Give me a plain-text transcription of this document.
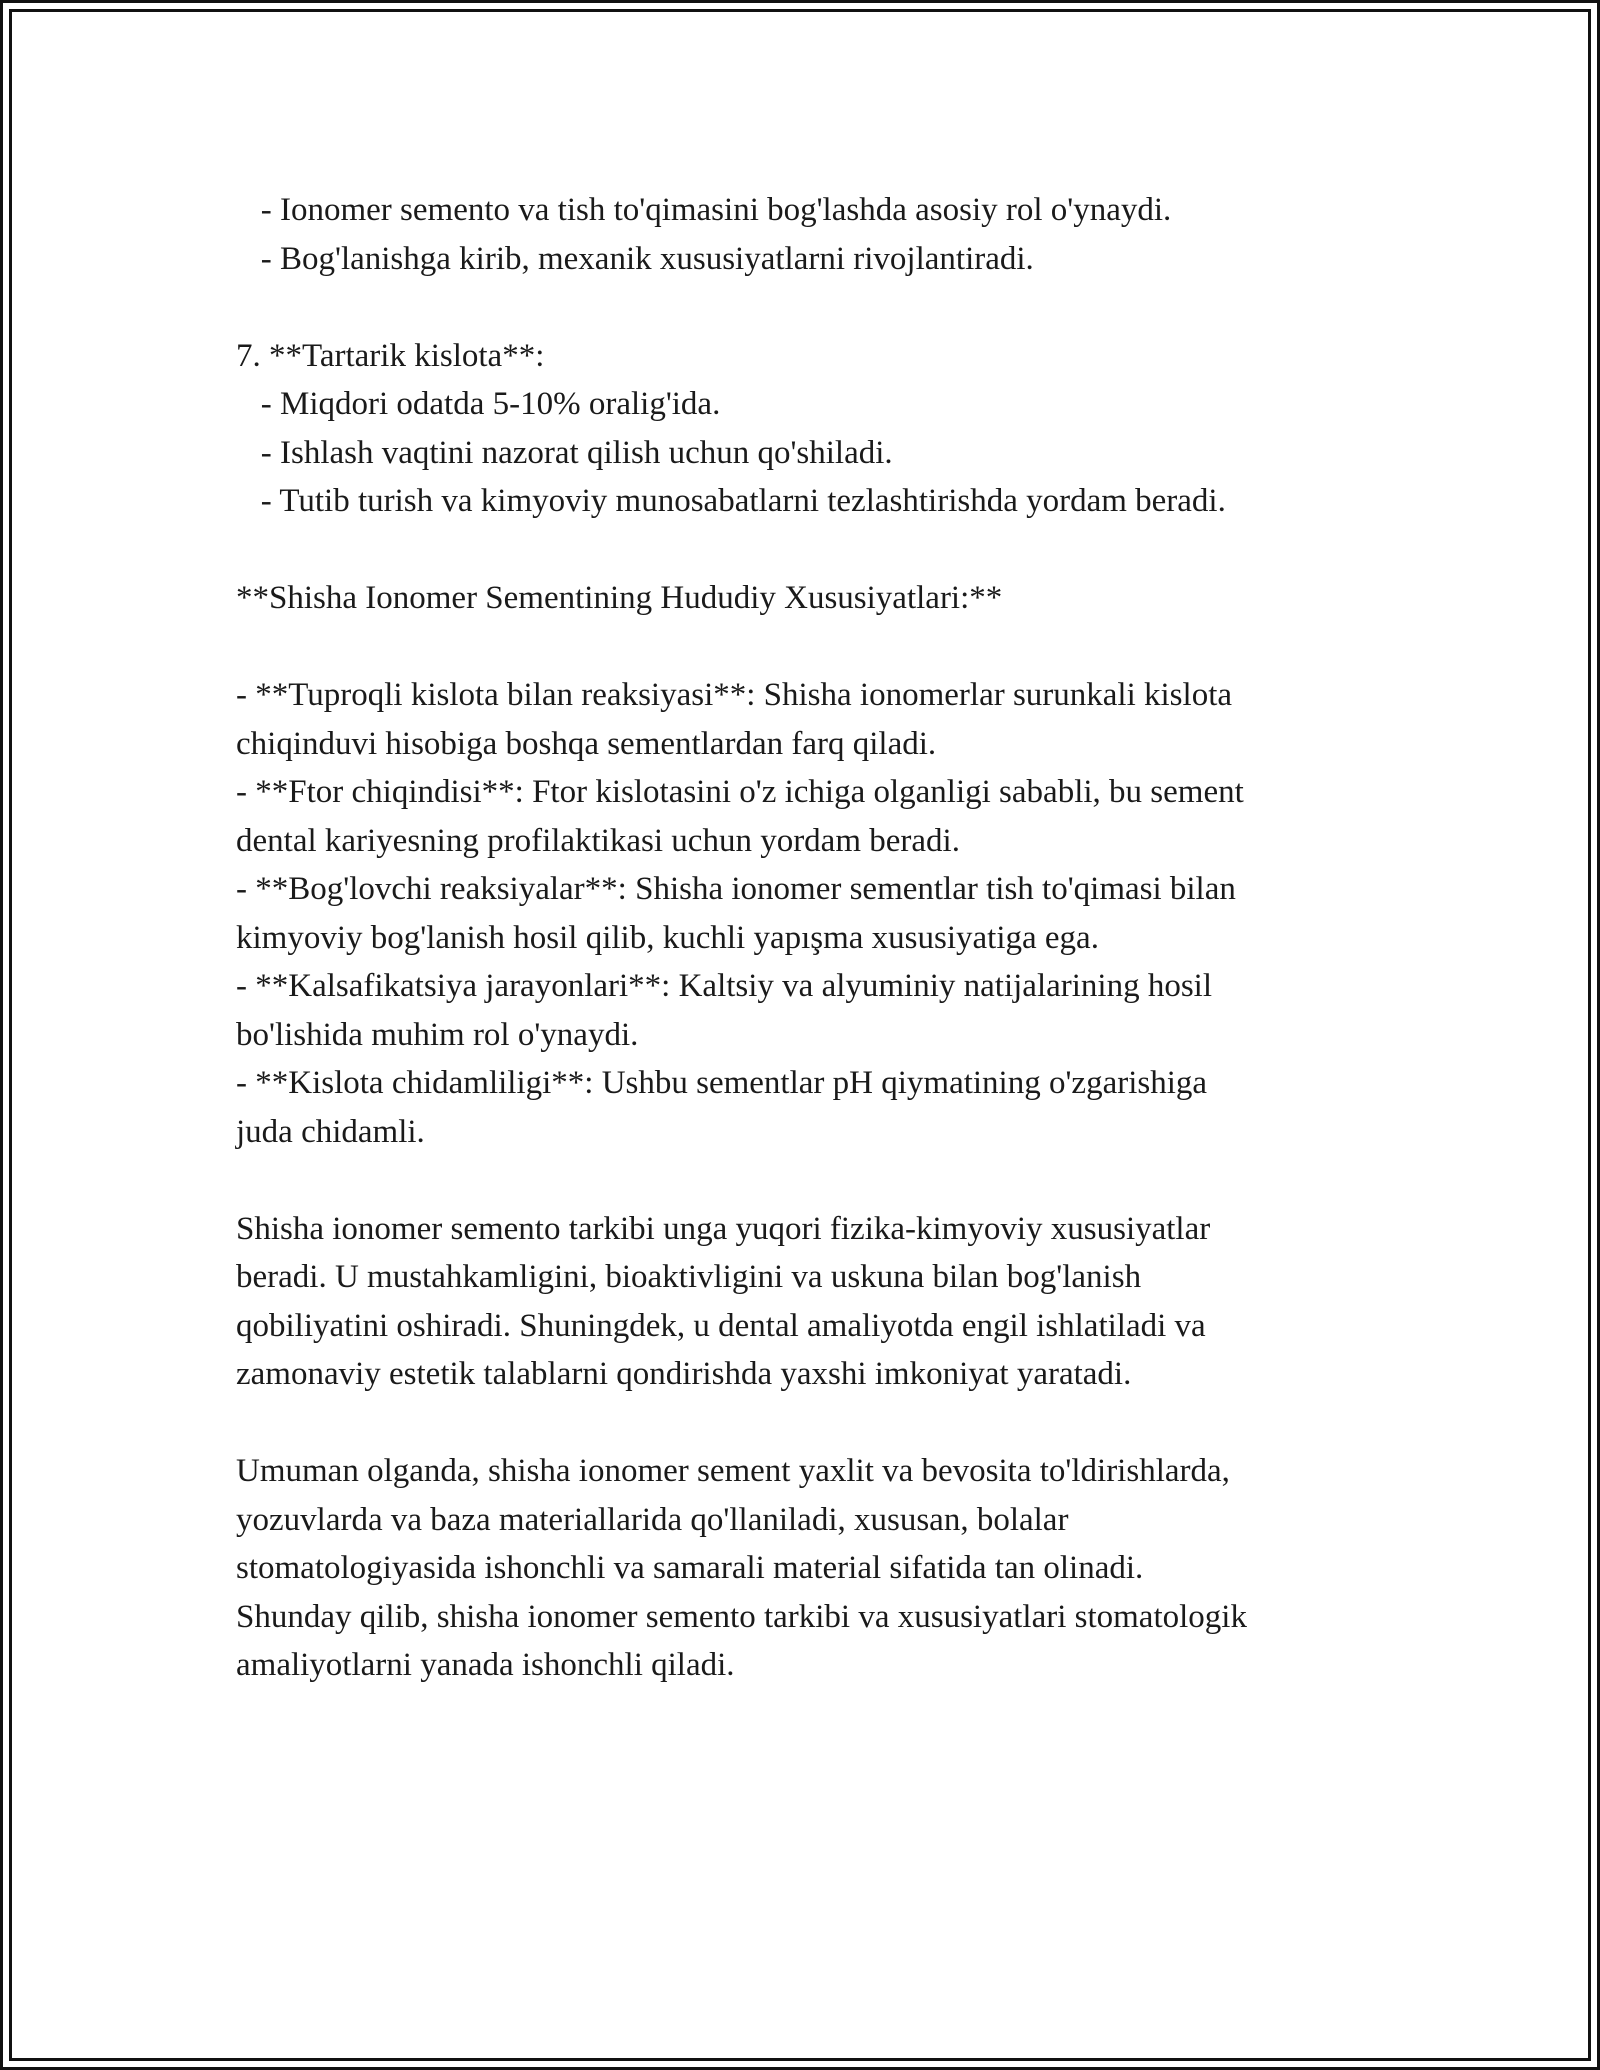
- Ionomer semento va tish to'qimasini bog'lashda asosiy rol o'ynaydi.

- Bog'lanishga kirib, mexanik xususiyatlarni rivojlantiradi.

7. **Tartarik kislota**:

- Miqdori odatda 5-10% oralig'ida.

- Ishlash vaqtini nazorat qilish uchun qo'shiladi.

- Tutib turish va kimyoviy munosabatlarni tezlashtirishda yordam beradi.

**Shisha Ionomer Sementining Hududiy Xususiyatlari:**

- **Tuproqli kislota bilan reaksiyasi**: Shisha ionomerlar surunkali kislota

chiqinduvi hisobiga boshqa sementlardan farq qiladi.

- **Ftor chiqindisi**: Ftor kislotasini o'z ichiga olganligi sababli, bu sement

dental kariyesning profilaktikasi uchun yordam beradi.

- **Bog'lovchi reaksiyalar**: Shisha ionomer sementlar tish to'qimasi bilan

kimyoviy bog'lanish hosil qilib, kuchli yapışma xususiyatiga ega.

- **Kalsafikatsiya jarayonlari**: Kaltsiy va alyuminiy natijalarining hosil

bo'lishida muhim rol o'ynaydi.

- **Kislota chidamliligi**: Ushbu sementlar pH qiymatining o'zgarishiga

juda chidamli.

Shisha ionomer semento tarkibi unga yuqori fizika-kimyoviy xususiyatlar

beradi. U mustahkamligini, bioaktivligini va uskuna bilan bog'lanish

qobiliyatini oshiradi. Shuningdek, u dental amaliyotda engil ishlatiladi va

zamonaviy estetik talablarni qondirishda yaxshi imkoniyat yaratadi.

Umuman olganda, shisha ionomer sement yaxlit va bevosita to'ldirishlarda,

yozuvlarda va baza materiallarida qo'llaniladi, xususan, bolalar

stomatologiyasida ishonchli va samarali material sifatida tan olinadi.

Shunday qilib, shisha ionomer semento tarkibi va xususiyatlari stomatologik

amaliyotlarni yanada ishonchli qiladi.
